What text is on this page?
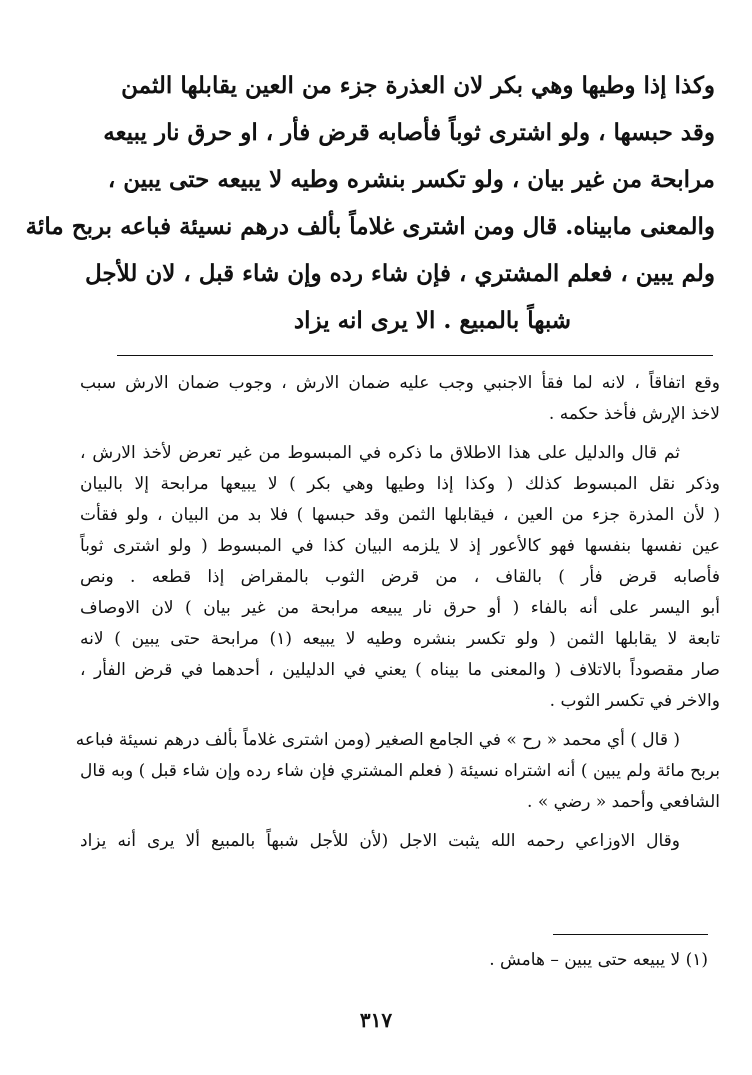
وكذا إذا وطيها وهي بكر لان العذرة جزء من العين يقابلها الثمن
وقد حبسها ، ولو اشترى ثوباً فأصابه قرض فأر ، او حرق نار يبيعه
مرابحة من غير بيان ، ولو تكسر بنشره وطيه لا يبيعه حتى يبين ،
والمعنى مابيناه. قال ومن اشترى غلاماً بألف درهم نسيئة فباعه بربح مائة
ولم يبين ، فعلم المشتري ، فإن شاء رده وإن شاء قبل ، لان للأجل
شبهاً بالمبيع . الا يرى انه يزاد
وقع اتفاقاً ، لانه لما فقأ الاجنبي وجب عليه ضمان الارش ، وجوب ضمان الارش سبب
لاخذ الإرش فأخذ حكمه .
ثم قال والدليل على هذا الاطلاق ما ذكره في المبسوط من غير تعرض لأخذ الارش ،
وذكر نقل المبسوط كذلك ( وكذا إذا وطيها وهي بكر ) لا يبيعها مرابحة إلا بالبيان
( لأن المذرة جزء من العين ، فيقابلها الثمن وقد حبسها ) فلا بد من البيان ، ولو فقأت
عين نفسها بنفسها فهو كالأعور إذ لا يلزمه البيان كذا في المبسوط ( ولو اشترى ثوباً
فأصابه قرض فأر ) بالقاف ، من قرض الثوب بالمقراض إذا قطعه . ونص
أبو اليسر على أنه بالفاء ( أو حرق نار يبيعه مرابحة من غير بيان ) لان الاوصاف
تابعة لا يقابلها الثمن ( ولو تكسر بنشره وطيه لا يبيعه (١) مرابحة حتى يبين ) لانه
صار مقصوداً بالاتلاف ( والمعنى ما بيناه ) يعني في الدليلين ، أحدهما في قرض الفأر ،
والاخر في تكسر الثوب .
( قال ) أي محمد « رح » في الجامع الصغير (ومن اشترى غلاماً بألف درهم نسيئة فباعه
بربح مائة ولم يبين ) أنه اشتراه نسيئة ( فعلم المشتري فإن شاء رده وإن شاء قبل ) وبه قال
الشافعي وأحمد « رضي » .
وقال الاوزاعي رحمه الله يثبت الاجل (لأن للأجل شبهاً بالمبيع ألا يرى أنه يزاد
(١) لا يبيعه حتى يبين – هامش .
٣١٧
